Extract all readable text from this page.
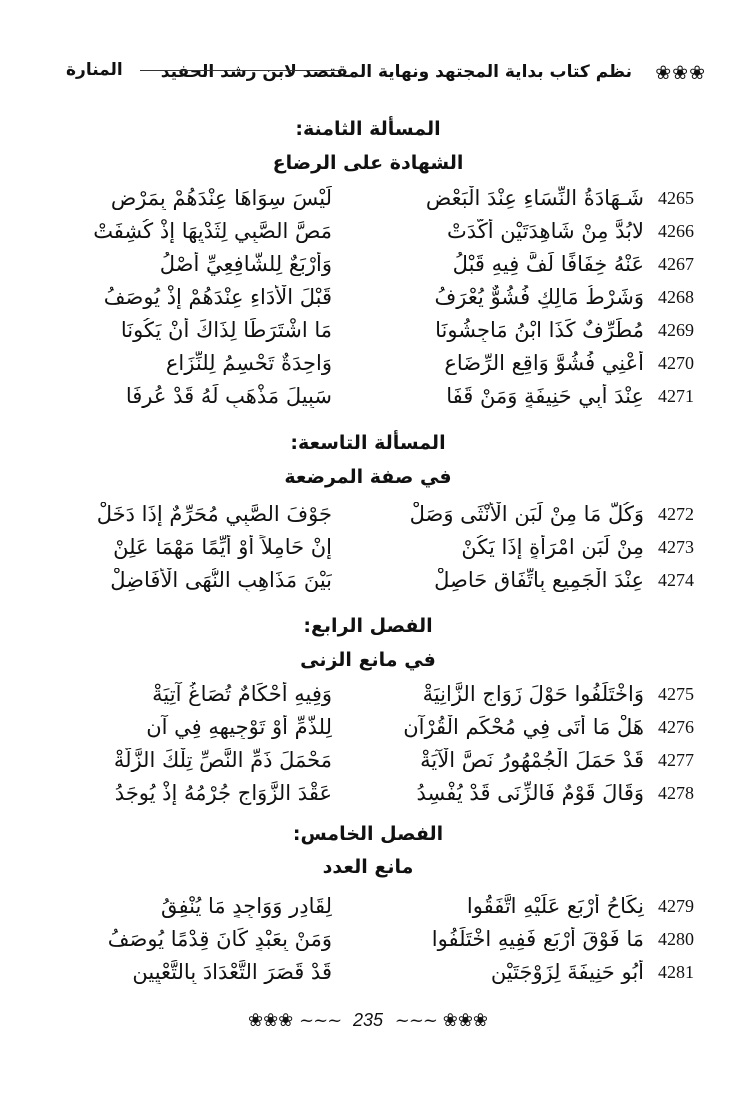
❀❀❀
نظم كتاب بداية المجتهد ونهاية المقتصد لابن رشد الحفيد
المنارة
المسألة الثامنة:
الشهادة على الرضاع
4265
شَـهَادَةُ النِّسَاءِ عِنْدَ الْبَعْضِ
لَيْسَ سِوَاهَا عِنْدَهُمْ بِمَرْضِ
4266
لابُدَّ مِنْ شَاهِدَتَيْنِ أَكَّدَتْ
مَصَّ الصَّبِي لِثَدْيِهَا إِذْ كُشِفَتْ
4267
عَنْهُ خِفَافًا لَفَّ فِيهِ قَبْلُ
وَأَرْبَعٌ لِلشَّافِعِيِّ أَصْلُ
4268
وَشَرْطُ مَالِكٍ فُشُوٌّ يُعْرَفُ
قَبْلَ الْأَدَاءِ عِنْدَهُمْ إِذْ يُوصَفُ
4269
مُطَرِّفٌ كَذَا ابْنُ مَاجِشُونَا
مَا اشْتَرَطَا لِذَاكَ أَنْ يَكُونَا
4270
أَعْنِي فُشُوَّ وَاقِعِ الرِّضَاعِ
وَاحِدَةٌ تَحْسِمُ لِلنِّزَاعِ
4271
عِنْدَ أَبِي حَنِيفَةٍ وَمَنْ قَفَا
سَبِيلَ مَذْهَبٍ لَهُ قَدْ عُرِفَا
المسألة التاسعة:
في صفة المرضعة
4272
وَكُلُّ مَا مِنْ لَبَنِ الْأُنْثَى وَصَلْ
جَوْفَ الصَّبِي مُحَرِّمٌ إِذَا دَخَلْ
4273
مِنْ لَبَنِ امْرَأَةٍ إِذَا يَكُنْ
إِنْ حَامِلاً أَوْ أَيِّمًا مَهْمَا عَلِنْ
4274
عِنْدَ الْجَمِيعِ بِاتِّفَاقٍ حَاصِلْ
بَيْنَ مَذَاهِبِ النُّهَى الْأَفَاضِلْ
الفصل الرابع:
في مانع الزنى
4275
وَاخْتَلَفُوا حَوْلَ زَوَاجِ الزَّانِيَةْ
وَفِيهِ أَحْكَامٌ تُصَاغُ آتِيَةْ
4276
هَلْ مَا أَتَى فِي مُحْكَمِ الْقُرْآنِ
لِلذَّمِّ أَوْ تَوْجِيهِهِ فِي آنِ
4277
قَدْ حَمَلَ الْجُمْهُورُ نَصَّ الْآيَةْ
مَحْمَلَ ذَمِّ النَّصِّ تِلْكَ الزَّلَّةْ
4278
وَقَالَ قَوْمٌ فَالزِّنَى قَدْ يُفْسِدُ
عَقْدَ الزَّوَاجِ جُرْمُهُ إِذْ يُوجَدُ
الفصل الخامس:
مانع العدد
4279
نِكَاحُ أَرْبَعٍ عَلَيْهِ اتَّفَقُوا
لِقَادِرٍ وَوَاجِدٍ مَا يُنْفِقُ
4280
مَا فَوْقَ أَرْبَعٍ فَفِيهِ اخْتَلَفُوا
وَمَنْ بِعَبْدٍ كَانَ قِدْمًا يُوصَفُ
4281
أَبُو حَنِيفَةَ لِزَوْجَتَيْنِ
قَدْ قَصَرَ التَّعْدَادَ بِالتَّعْيِينِ
❀❀❀ ~~~ 235 ~~~ ❀❀❀
